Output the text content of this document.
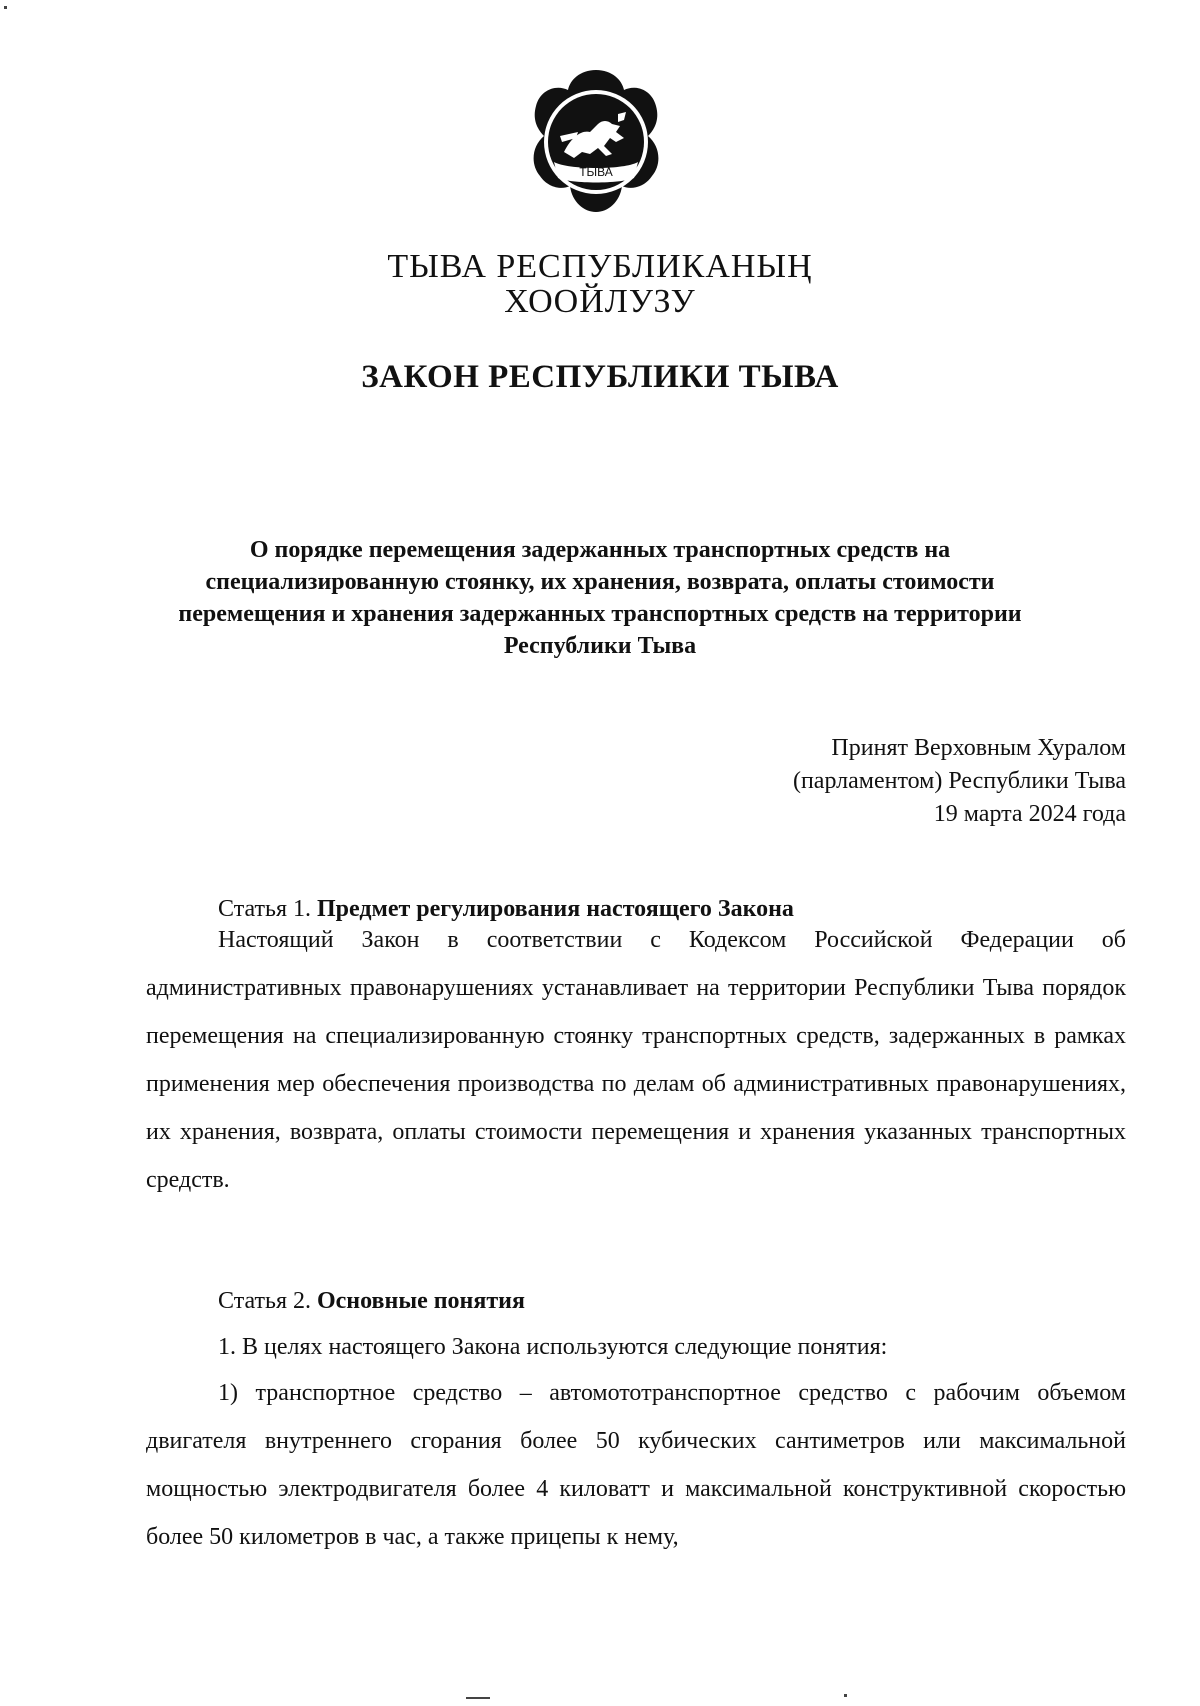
ТЫВА
ТЫВА РЕСПУБЛИКАНЫҢ
ХООЙЛУЗУ
ЗАКОН РЕСПУБЛИКИ ТЫВА
О порядке перемещения задержанных транспортных средств на специализированную стоянку, их хранения, возврата, оплаты стоимости перемещения и хранения задержанных транспортных средств на территории Республики Тыва
Принят Верховным Хуралом
(парламентом) Республики Тыва
19 марта 2024 года
Статья 1. Предмет регулирования настоящего Закона

Настоящий Закон в соответствии с Кодексом Российской Федерации об административных правонарушениях устанавливает на территории Республики Тыва порядок перемещения на специализированную стоянку транспортных средств, задержанных в рамках применения мер обеспечения производства по делам об административных правонарушениях, их хранения, возврата, оплаты стоимости перемещения и хранения указанных транспортных средств.

Статья 2. Основные понятия

1. В целях настоящего Закона используются следующие понятия:

1) транспортное средство – автомототранспортное средство с рабочим объемом двигателя внутреннего сгорания более 50 кубических сантиметров или максимальной мощностью электродвигателя более 4 киловатт и максимальной конструктивной скоростью более 50 километров в час, а также прицепы к нему,
